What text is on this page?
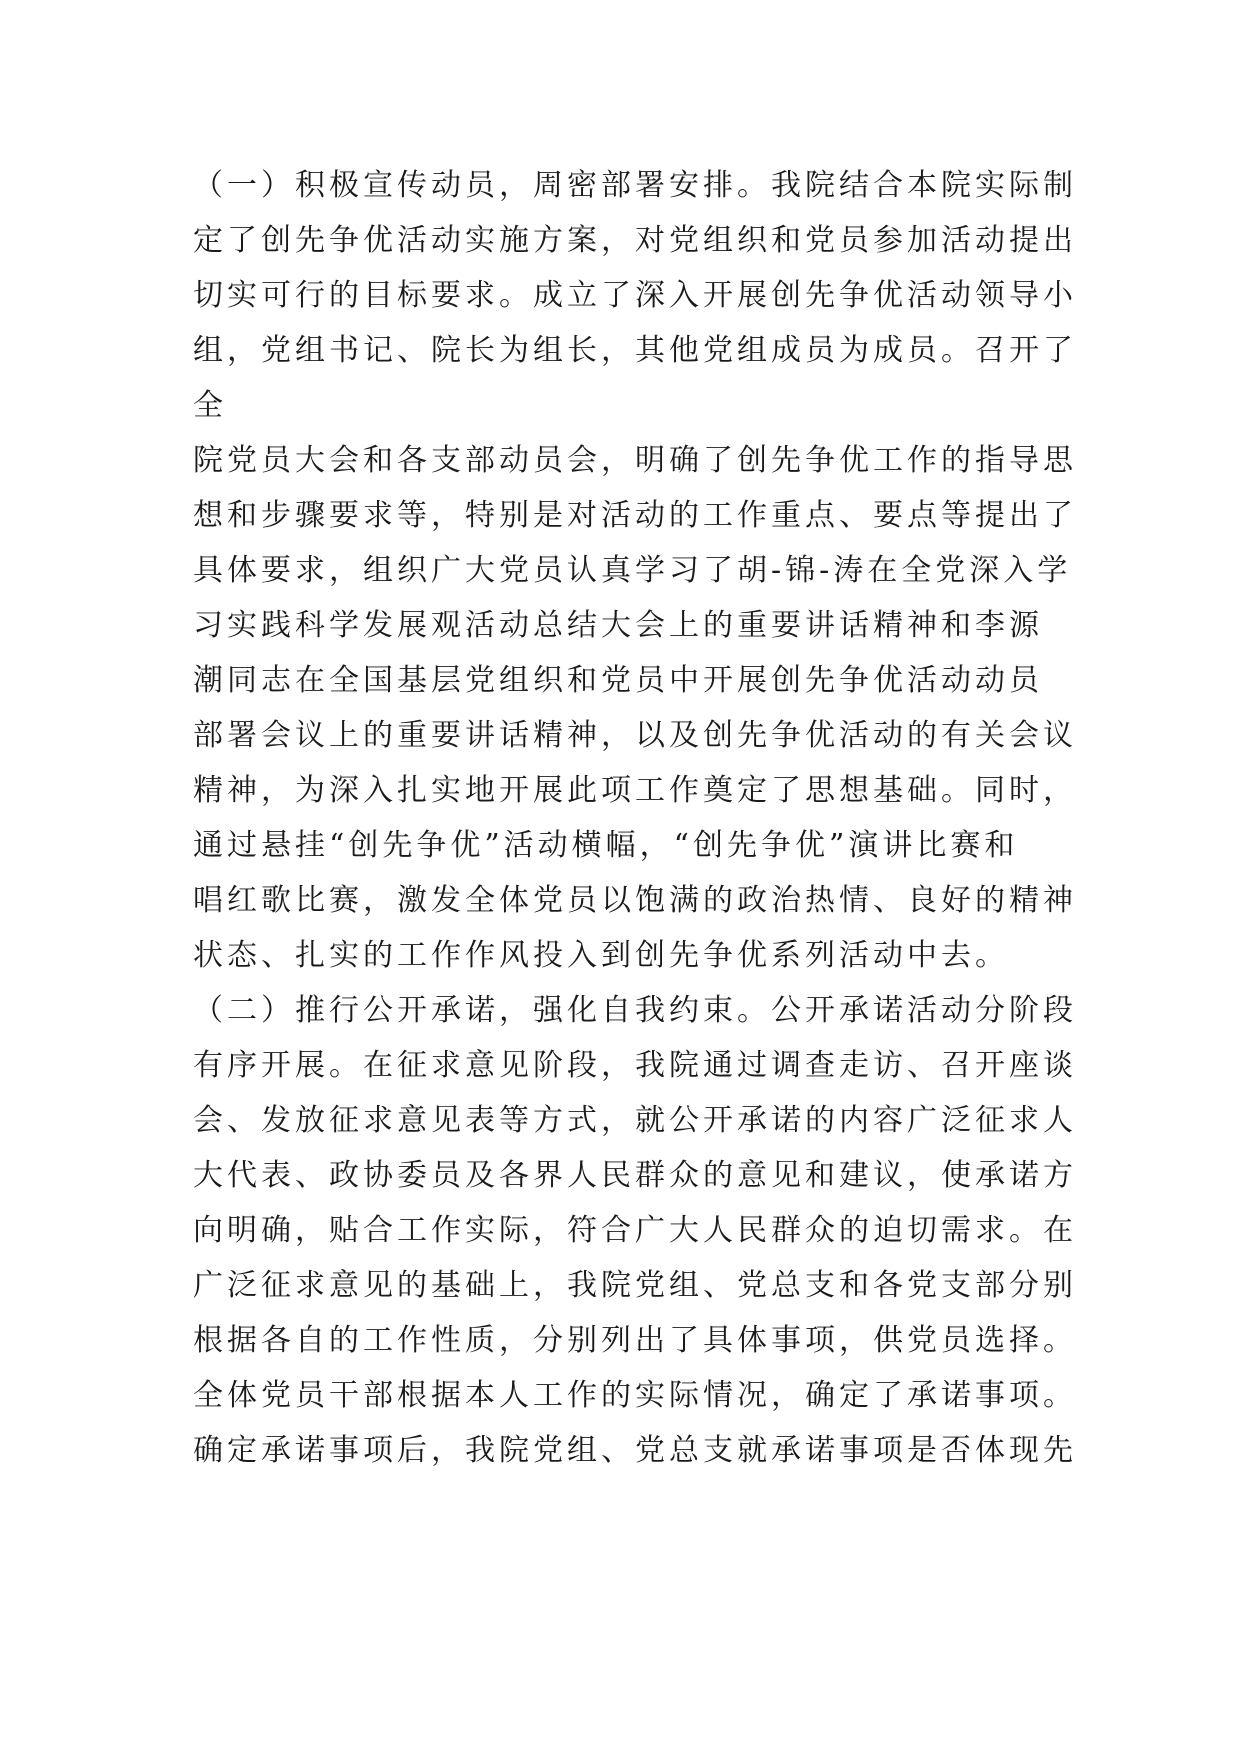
（一）积极宣传动员，周密部署安排。我院结合本院实际制
定了创先争优活动实施方案，对党组织和党员参加活动提出
切实可行的目标要求。成立了深入开展创先争优活动领导小
组，党组书记、院长为组长，其他党组成员为成员。召开了
全
院党员大会和各支部动员会，明确了创先争优工作的指导思
想和步骤要求等，特别是对活动的工作重点、要点等提出了
具体要求，组织广大党员认真学习了胡-锦-涛在全党深入学
习实践科学发展观活动总结大会上的重要讲话精神和李源
潮同志在全国基层党组织和党员中开展创先争优活动动员
部署会议上的重要讲话精神，以及创先争优活动的有关会议
精神，为深入扎实地开展此项工作奠定了思想基础。同时，
通过悬挂“创先争优”活动横幅，“创先争优”演讲比赛和
唱红歌比赛，激发全体党员以饱满的政治热情、良好的精神
状态、扎实的工作作风投入到创先争优系列活动中去。
（二）推行公开承诺，强化自我约束。公开承诺活动分阶段
有序开展。在征求意见阶段，我院通过调查走访、召开座谈
会、发放征求意见表等方式，就公开承诺的内容广泛征求人
大代表、政协委员及各界人民群众的意见和建议，使承诺方
向明确，贴合工作实际，符合广大人民群众的迫切需求。在
广泛征求意见的基础上，我院党组、党总支和各党支部分别
根据各自的工作性质，分别列出了具体事项，供党员选择。
全体党员干部根据本人工作的实际情况，确定了承诺事项。
确定承诺事项后，我院党组、党总支就承诺事项是否体现先
